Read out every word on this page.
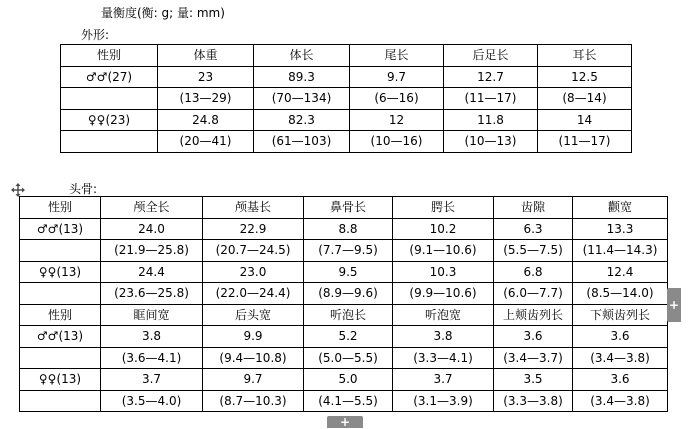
量衡度(衡: g; 量: mm)
外形:
性别	体重	体长	尾长	后足长	耳长
♂♂(27)	23	89.3	9.7	12.7	12.5
	(13—29)	(70—134)	(6—16)	(11—17)	(8—14)
♀♀(23)	24.8	82.3	12	11.8	14
	(20—41)	(61—103)	(10—16)	(10—13)	(11—17)
头骨:
性别	颅全长	颅基长	鼻骨长	腭长	齿隙	颧宽
♂♂(13)	24.0	22.9	8.8	10.2	6.3	13.3
	(21.9—25.8)	(20.7—24.5)	(7.7—9.5)	(9.1—10.6)	(5.5—7.5)	(11.4—14.3)
♀♀(13)	24.4	23.0	9.5	10.3	6.8	12.4
	(23.6—25.8)	(22.0—24.4)	(8.9—9.6)	(9.9—10.6)	(6.0—7.7)	(8.5—14.0)
性别	眶间宽	后头宽	听泡长	听泡宽	上颊齿列长	下颊齿列长
♂♂(13)	3.8	9.9	5.2	3.8	3.6	3.6
	(3.6—4.1)	(9.4—10.8)	(5.0—5.5)	(3.3—4.1)	(3.4—3.7)	(3.4—3.8)
♀♀(13)	3.7	9.7	5.0	3.7	3.5	3.6
	(3.5—4.0)	(8.7—10.3)	(4.1—5.5)	(3.1—3.9)	(3.3—3.8)	(3.4—3.8)
+
+
